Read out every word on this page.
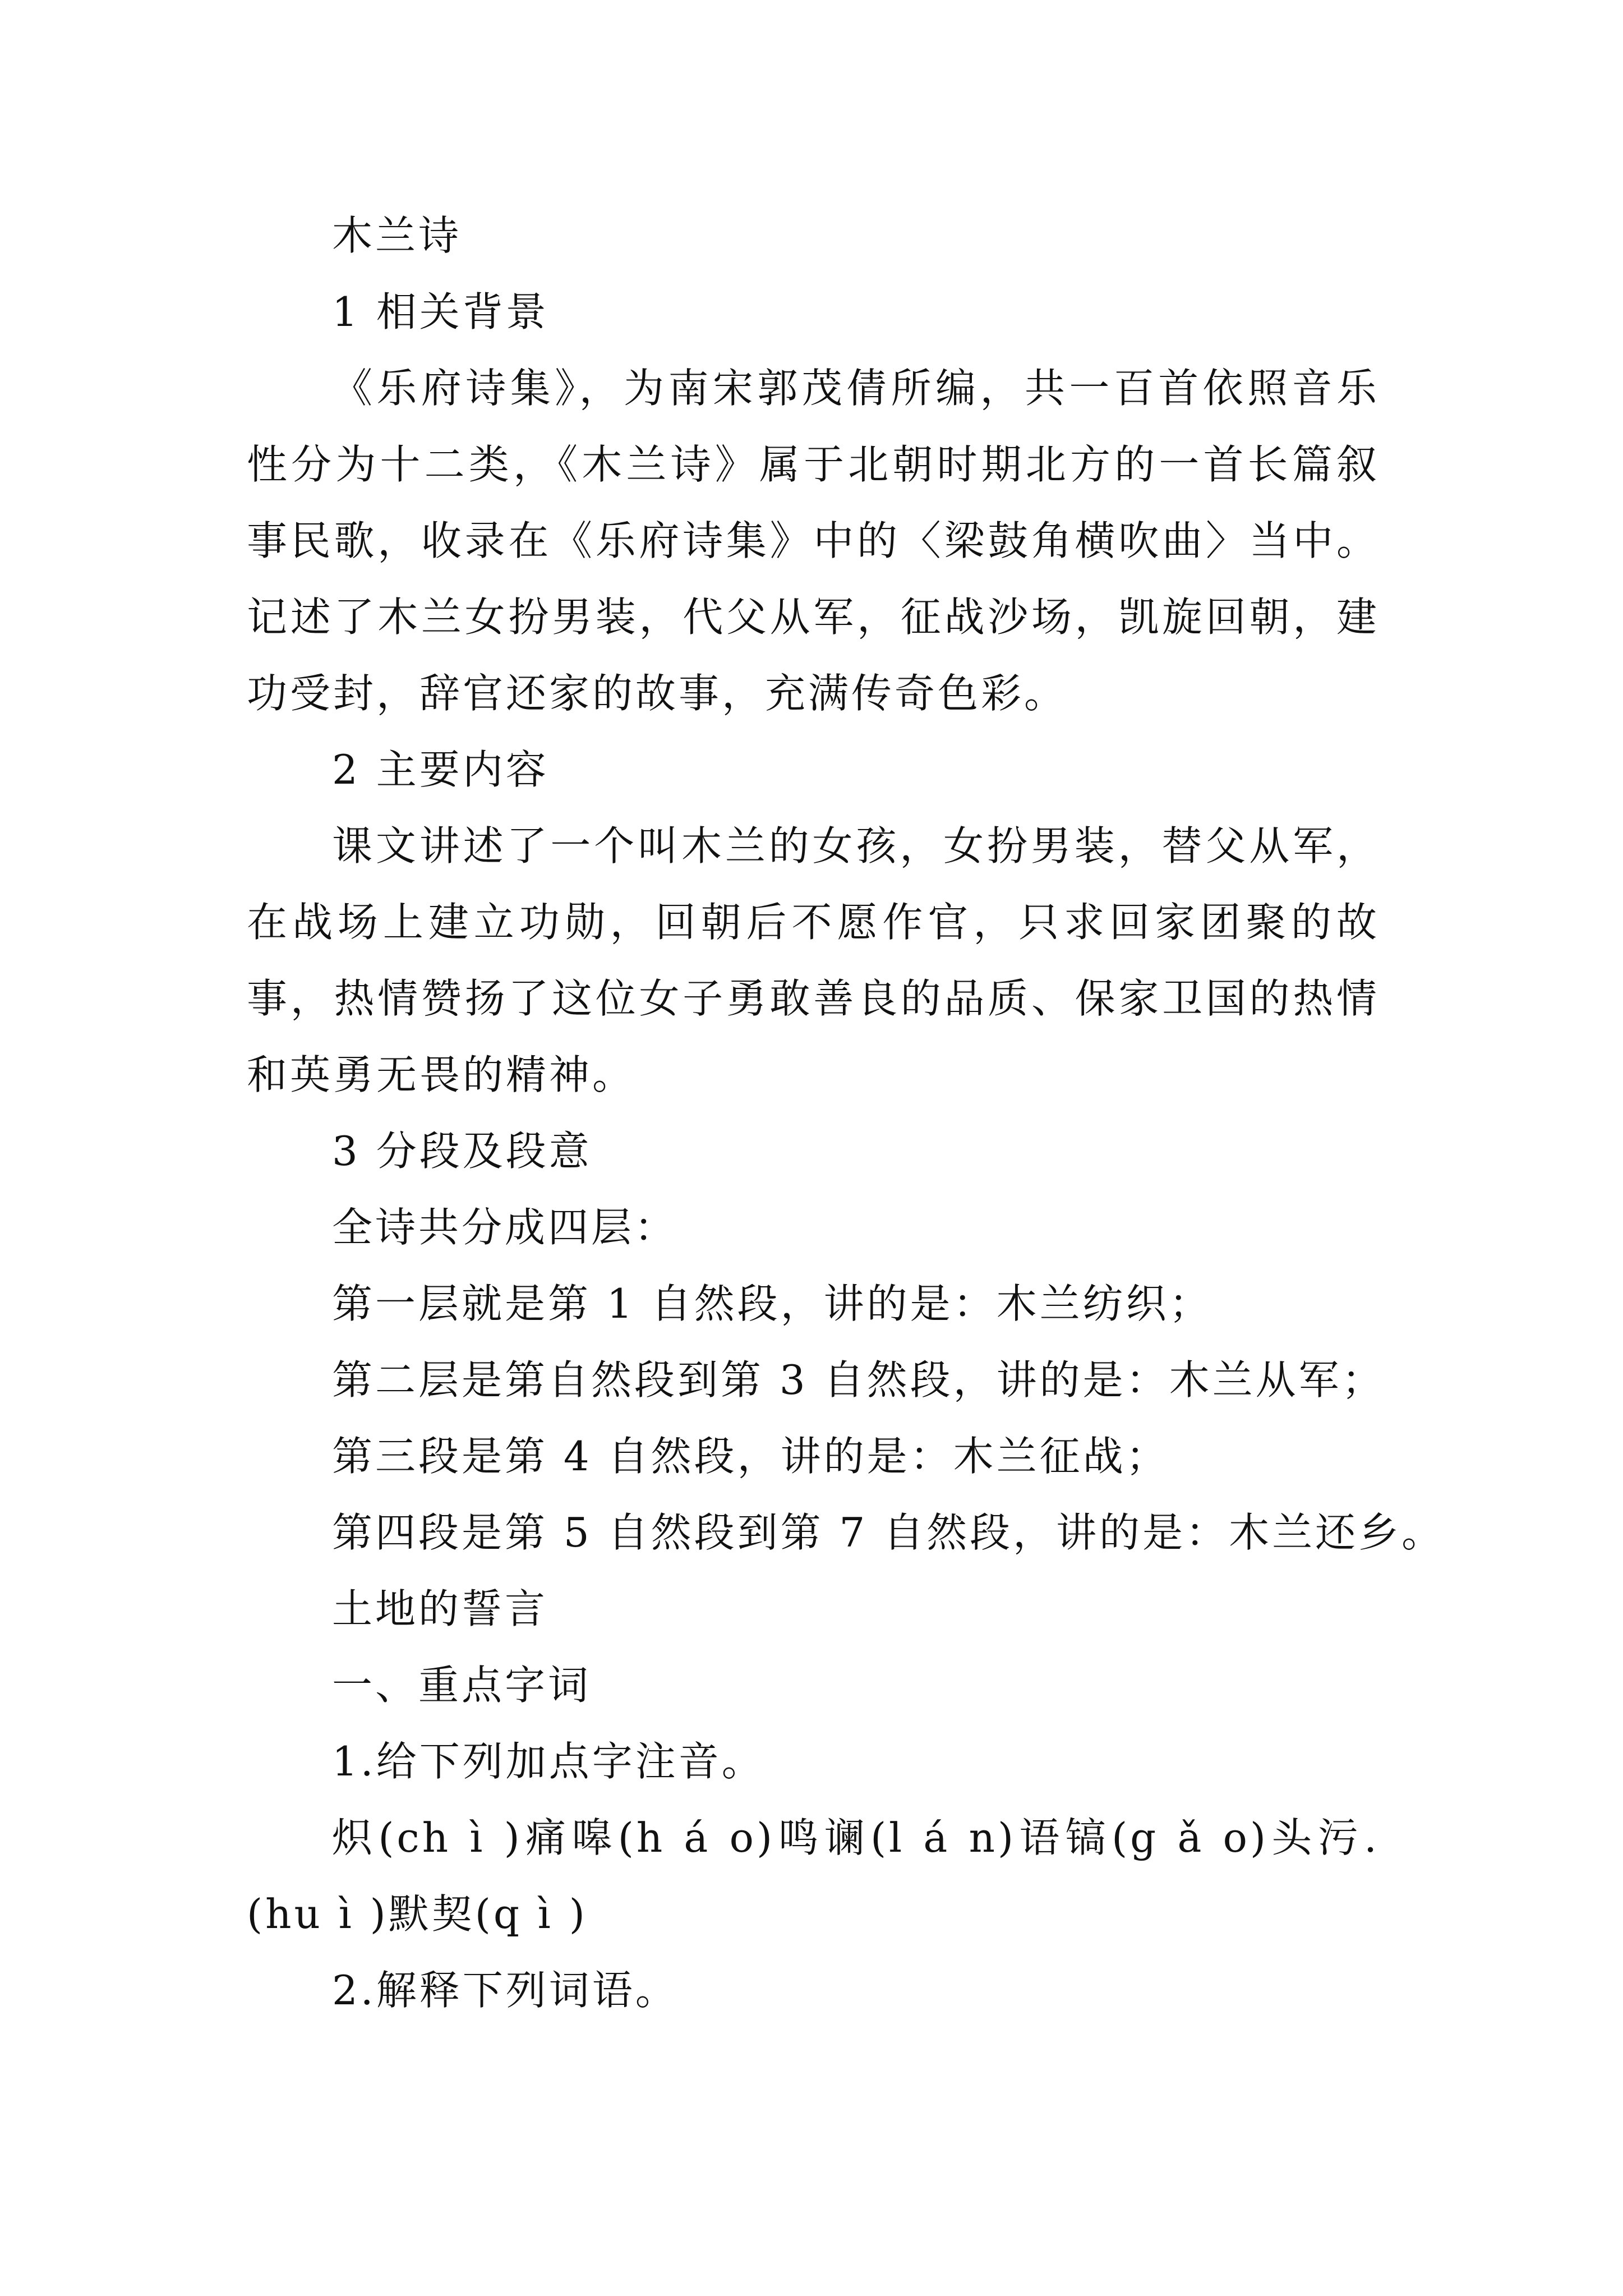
木兰诗

1 相关背景

《乐府诗集》，为南宋郭茂倩所编，共一百首依照音乐性分为十二类，《木兰诗》属于北朝时期北方的一首长篇叙事民歌，收录在《乐府诗集》中的〈梁鼓角横吹曲〉当中。记述了木兰女扮男装，代父从军，征战沙场，凯旋回朝，建功受封，辞官还家的故事，充满传奇色彩。

2 主要内容

课文讲述了一个叫木兰的女孩，女扮男装，替父从军，在战场上建立功勋，回朝后不愿作官，只求回家团聚的故事，热情赞扬了这位女子勇敢善良的品质、保家卫国的热情和英勇无畏的精神。

3 分段及段意

全诗共分成四层：

第一层就是第 1 自然段，讲的是：木兰纺织；

第二层是第自然段到第 3 自然段，讲的是：木兰从军；

第三段是第 4 自然段，讲的是：木兰征战；

第四段是第 5 自然段到第 7 自然段，讲的是：木兰还乡。

土地的誓言

一、重点字词

1.给下列加点字注音。

炽(ch ì )痛嗥(h á o)鸣谰(l á n)语镐(g ǎ o)头污.(hu ì )默契(q ì )

2.解释下列词语。
